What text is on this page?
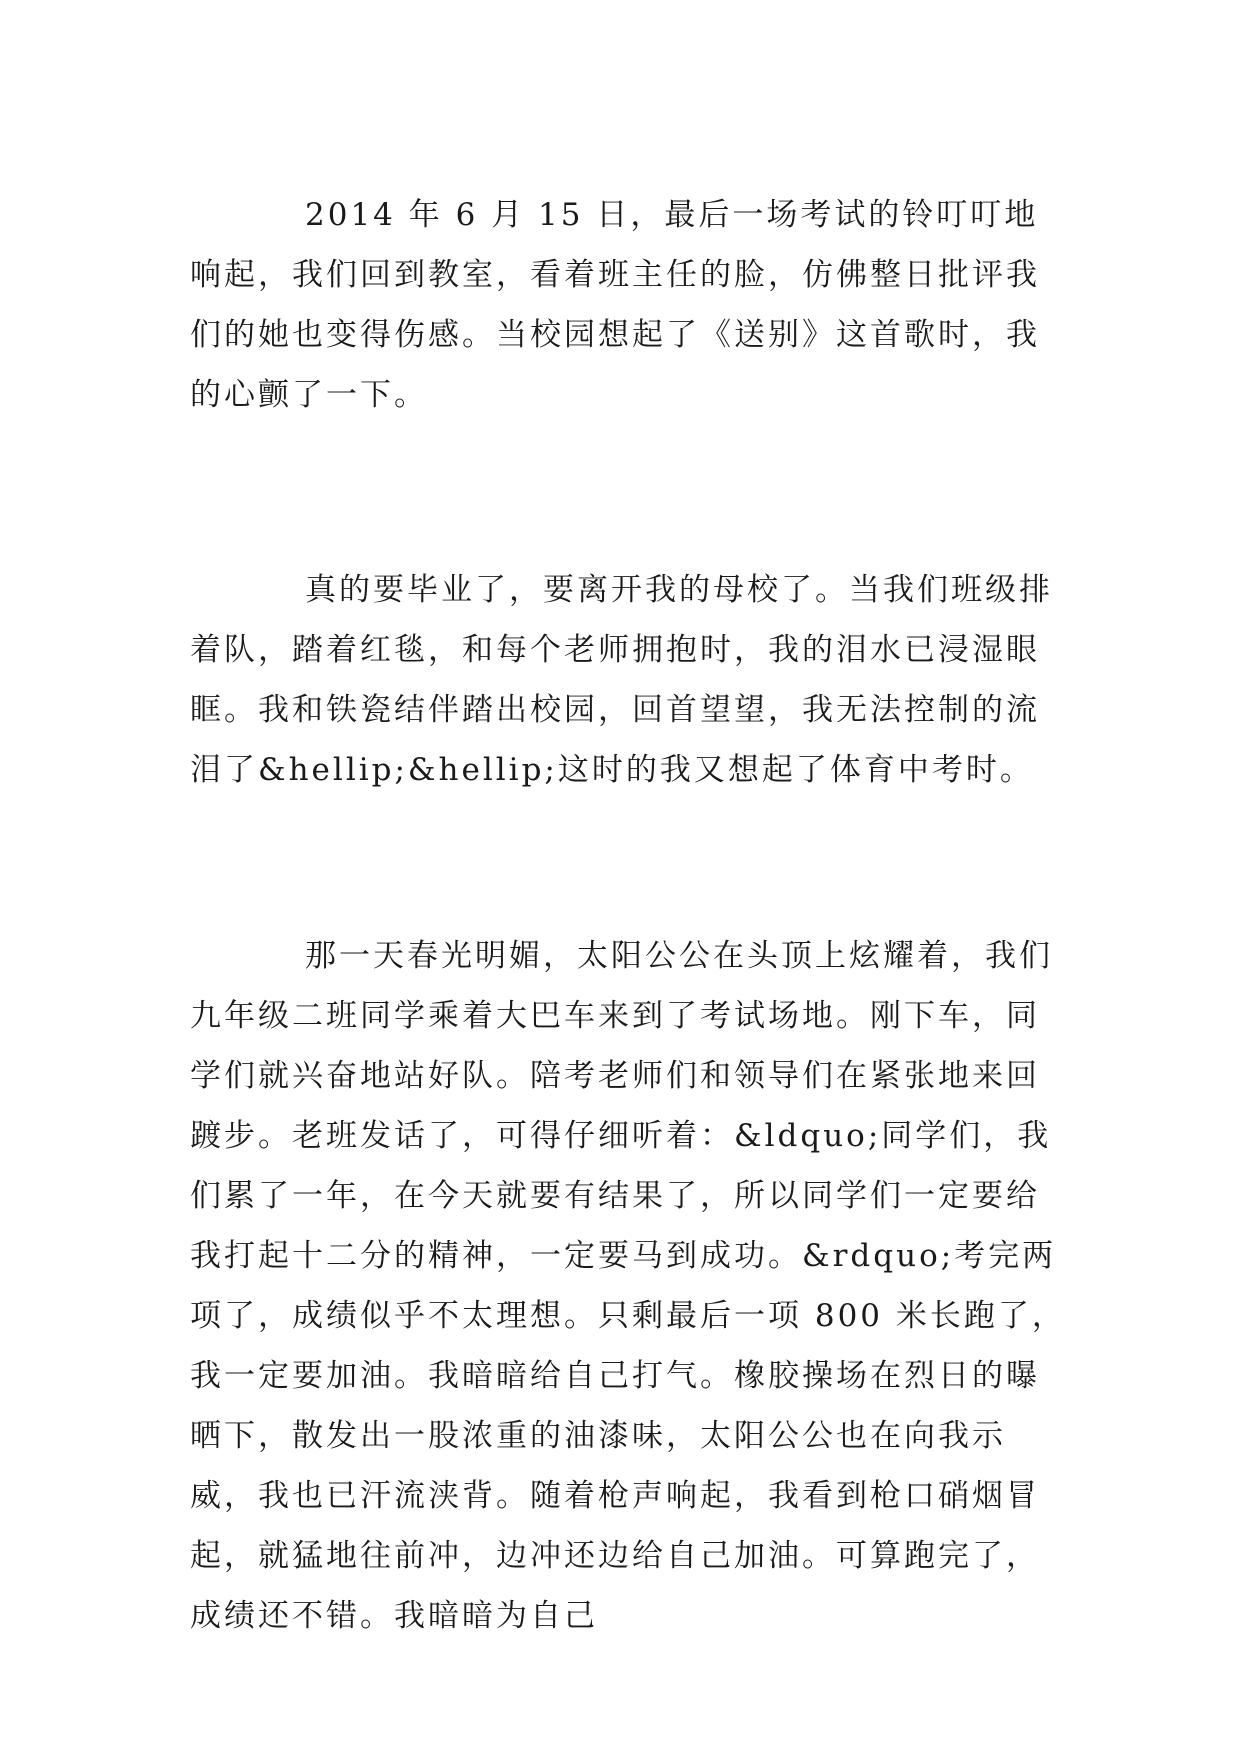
2014 年 6 月 15 日，最后一场考试的铃叮叮地响起，我们回到教室，看着班主任的脸，仿佛整日批评我们的她也变得伤感。当校园想起了《送别》这首歌时，我的心颤了一下。

真的要毕业了，要离开我的母校了。当我们班级排着队，踏着红毯，和每个老师拥抱时，我的泪水已浸湿眼眶。我和铁瓷结伴踏出校园，回首望望，我无法控制的流泪了&hellip;&hellip;这时的我又想起了体育中考时。

那一天春光明媚，太阳公公在头顶上炫耀着，我们九年级二班同学乘着大巴车来到了考试场地。刚下车，同学们就兴奋地站好队。陪考老师们和领导们在紧张地来回踱步。老班发话了，可得仔细听着：&ldquo;同学们，我们累了一年，在今天就要有结果了，所以同学们一定要给我打起十二分的精神，一定要马到成功。&rdquo;考完两项了，成绩似乎不太理想。只剩最后一项 800 米长跑了，我一定要加油。我暗暗给自己打气。橡胶操场在烈日的曝晒下，散发出一股浓重的油漆味，太阳公公也在向我示威，我也已汗流浃背。随着枪声响起，我看到枪口硝烟冒起，就猛地往前冲，边冲还边给自己加油。可算跑完了，成绩还不错。我暗暗为自己
